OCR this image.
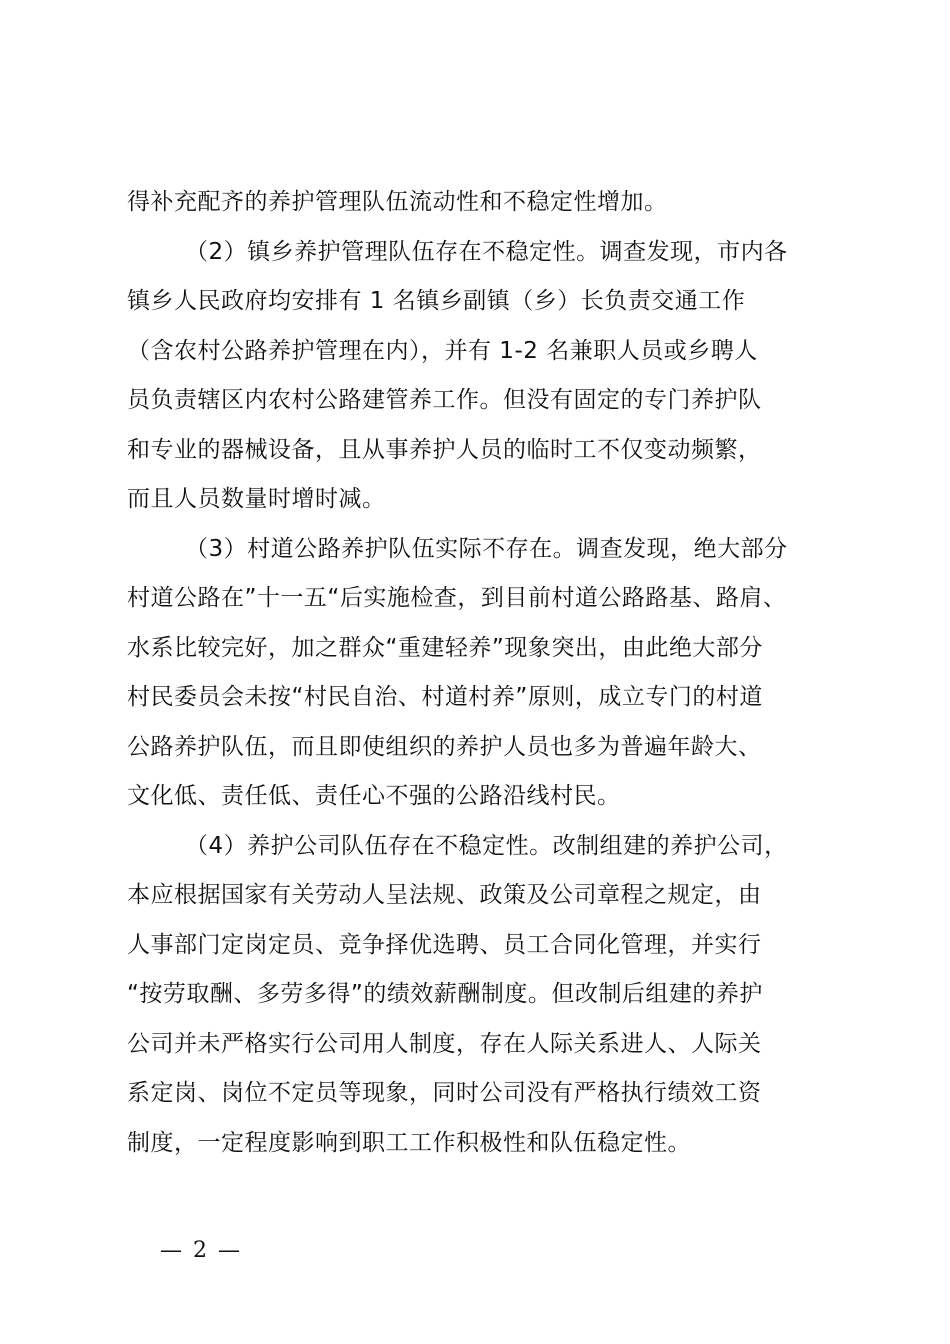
得补充配齐的养护管理队伍流动性和不稳定性增加。
（2）镇乡养护管理队伍存在不稳定性。调查发现，市内各
镇乡人民政府均安排有 1 名镇乡副镇（乡）长负责交通工作
（含农村公路养护管理在内），并有 1-2 名兼职人员或乡聘人
员负责辖区内农村公路建管养工作。但没有固定的专门养护队
和专业的器械设备，且从事养护人员的临时工不仅变动频繁，
而且人员数量时增时减。
（3）村道公路养护队伍实际不存在。调查发现，绝大部分
村道公路在”十一五“后实施检查，到目前村道公路路基、路肩、
水系比较完好，加之群众“重建轻养”现象突出，由此绝大部分
村民委员会未按“村民自治、村道村养”原则，成立专门的村道
公路养护队伍，而且即使组织的养护人员也多为普遍年龄大、
文化低、责任低、责任心不强的公路沿线村民。
（4）养护公司队伍存在不稳定性。改制组建的养护公司，
本应根据国家有关劳动人呈法规、政策及公司章程之规定，由
人事部门定岗定员、竞争择优选聘、员工合同化管理，并实行
“按劳取酬、多劳多得”的绩效薪酬制度。但改制后组建的养护
公司并未严格实行公司用人制度，存在人际关系进人、人际关
系定岗、岗位不定员等现象，同时公司没有严格执行绩效工资
制度，一定程度影响到职工工作积极性和队伍稳定性。
— 2 —
